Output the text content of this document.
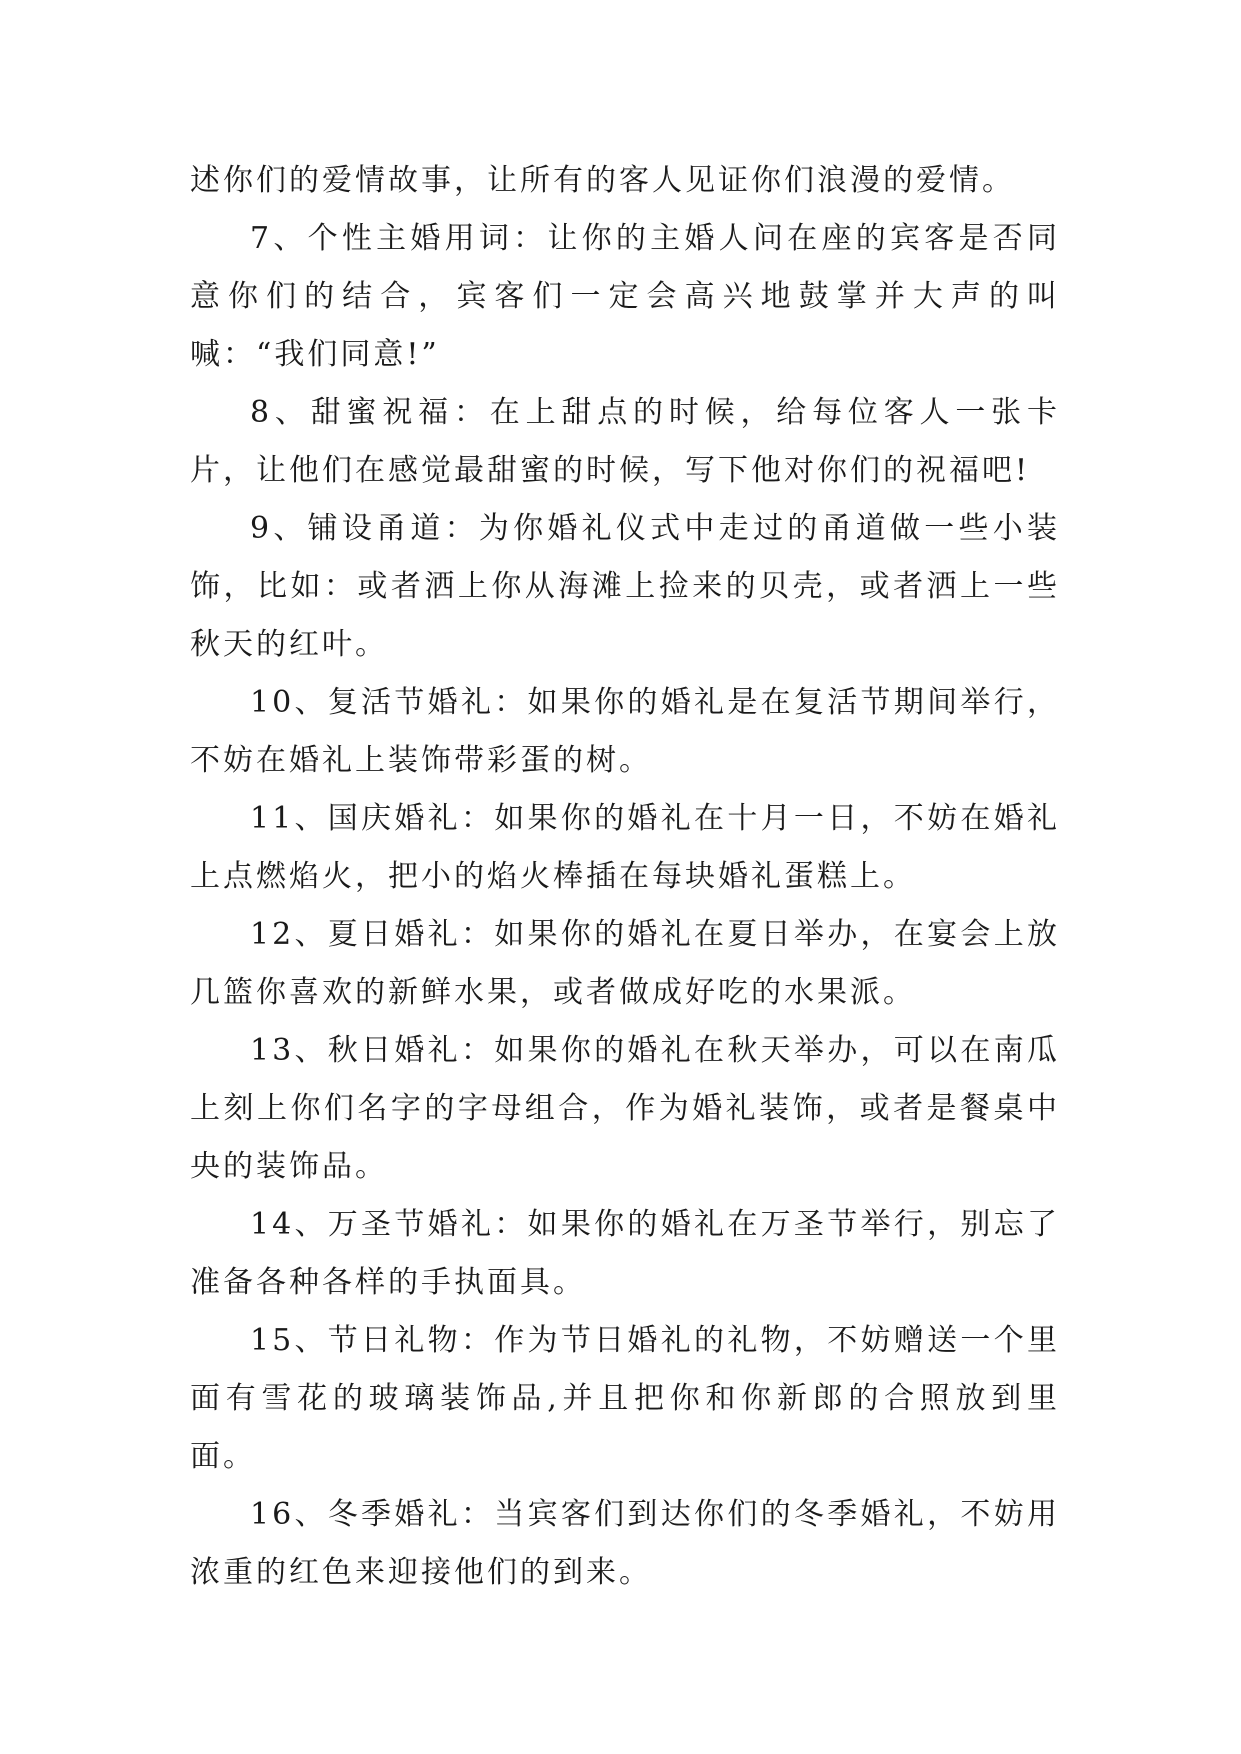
述你们的爱情故事，让所有的客人见证你们浪漫的爱情。

7、个性主婚用词：让你的主婚人问在座的宾客是否同意你们的结合，宾客们一定会高兴地鼓掌并大声的叫喊：“我们同意!”

8、甜蜜祝福：在上甜点的时候，给每位客人一张卡片，让他们在感觉最甜蜜的时候，写下他对你们的祝福吧!

9、铺设甬道：为你婚礼仪式中走过的甬道做一些小装饰，比如：或者洒上你从海滩上捡来的贝壳，或者洒上一些秋天的红叶。

10、复活节婚礼：如果你的婚礼是在复活节期间举行，不妨在婚礼上装饰带彩蛋的树。

11、国庆婚礼：如果你的婚礼在十月一日，不妨在婚礼上点燃焰火，把小的焰火棒插在每块婚礼蛋糕上。

12、夏日婚礼：如果你的婚礼在夏日举办，在宴会上放几篮你喜欢的新鲜水果，或者做成好吃的水果派。

13、秋日婚礼：如果你的婚礼在秋天举办，可以在南瓜上刻上你们名字的字母组合，作为婚礼装饰，或者是餐桌中央的装饰品。

14、万圣节婚礼：如果你的婚礼在万圣节举行，别忘了准备各种各样的手执面具。

15、节日礼物：作为节日婚礼的礼物，不妨赠送一个里面有雪花的玻璃装饰品,并且把你和你新郎的合照放到里面。

16、冬季婚礼：当宾客们到达你们的冬季婚礼，不妨用浓重的红色来迎接他们的到来。
